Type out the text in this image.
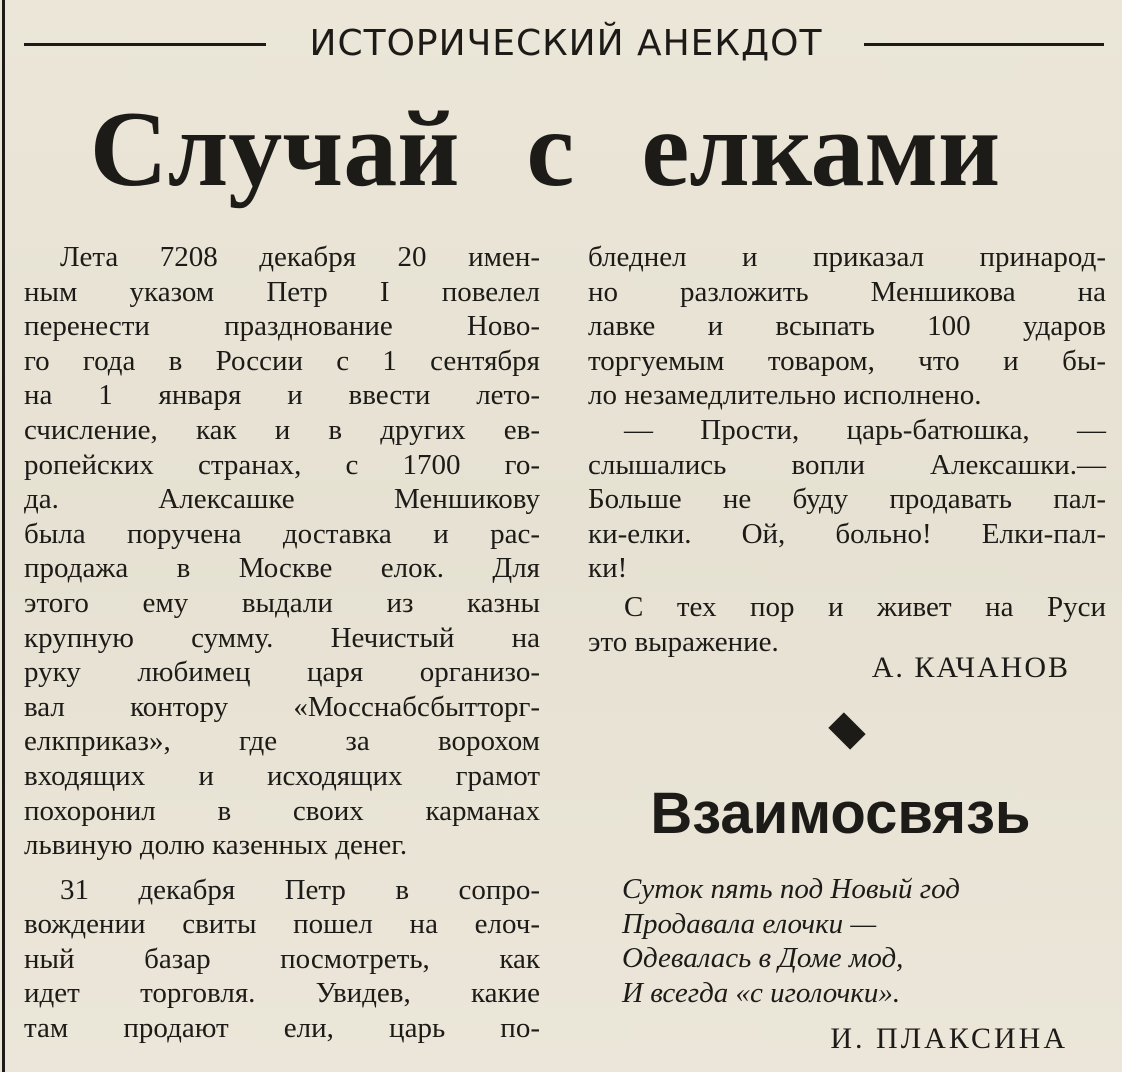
ИСТОРИЧЕСКИЙ АНЕКДОТ
Случай с елками
Лета 7208 декабря 20 имен-
ным указом Петр I повелел
перенести празднование Ново-
го года в России с 1 сентября
на 1 января и ввести лето-
счисление, как и в других ев-
ропейских странах, с 1700 го-
да. Алексашке Меншикову
была поручена доставка и рас-
продажа в Москве елок. Для
этого ему выдали из казны
крупную сумму. Нечистый на
руку любимец царя организо-
вал контору «Мосснабсбытторг-
елкприказ», где за ворохом
входящих и исходящих грамот
похоронил в своих карманах
львиную долю казенных денег.
31 декабря Петр в сопро-
вождении свиты пошел на елоч-
ный базар посмотреть, как
идет торговля. Увидев, какие
там продают ели, царь по-
бледнел и приказал принарод-
но разложить Меншикова на
лавке и всыпать 100 ударов
торгуемым товаром, что и бы-
ло незамедлительно исполнено.
— Прости, царь-батюшка, —
слышались вопли Алексашки.—
Больше не буду продавать пал-
ки-елки. Ой, больно! Елки-пал-
ки!
С тех пор и живет на Руси
это выражение.
А. КАЧАНОВ
Взаимосвязь
Суток пять под Новый год
Продавала елочки —
Одевалась в Доме мод,
И всегда «с иголочки».
И. ПЛАКСИНА
